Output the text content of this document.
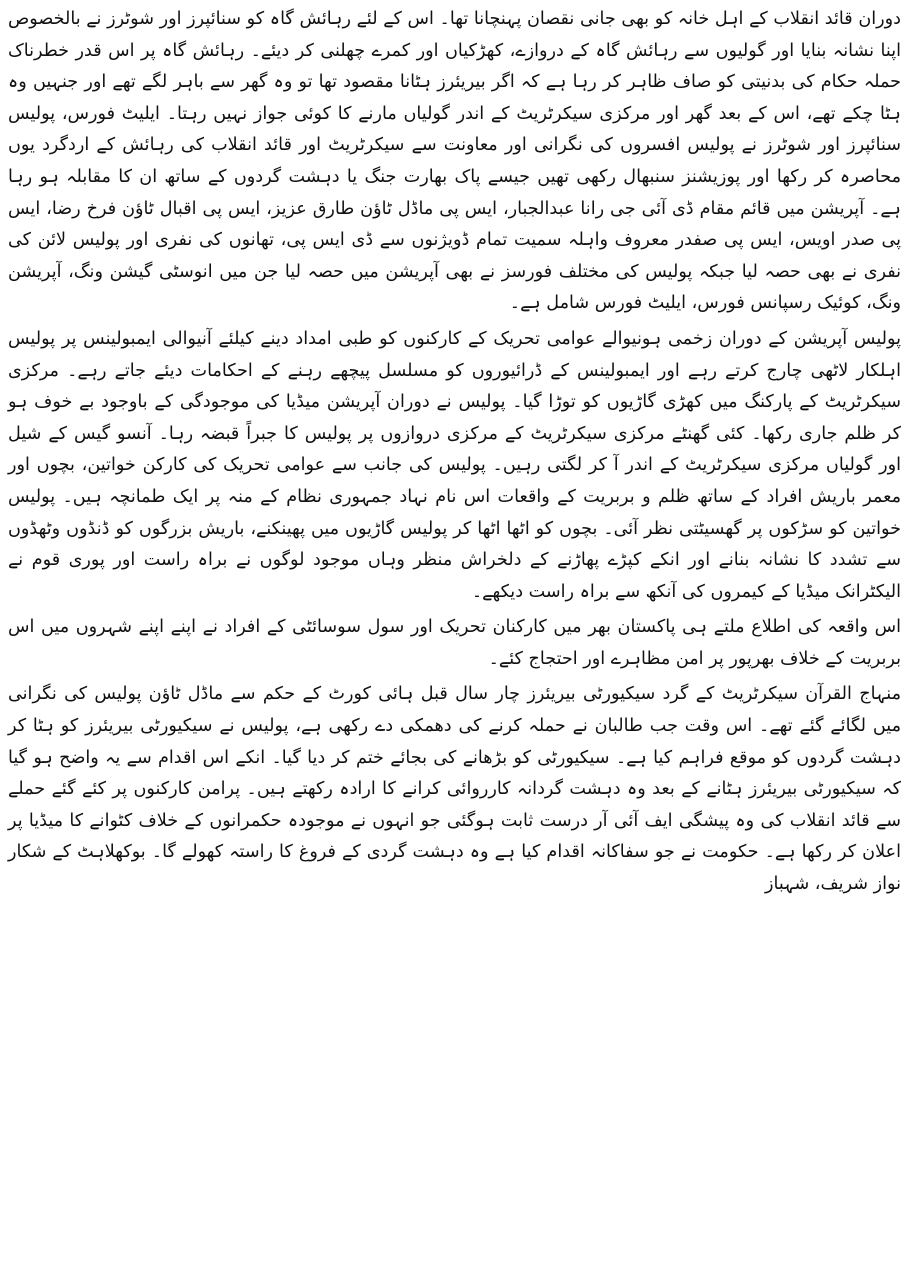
دوران قائد انقلاب کے اہل خانہ کو بھی جانی نقصان پہنچانا تھا۔ اس کے لئے رہائش گاہ کو سنائپرز اور شوٹرز نے بالخصوص اپنا نشانہ بنایا اور گولیوں سے رہائش گاہ کے دروازے، کھڑکیاں اور کمرے چھلنی کر دیئے۔ رہائش گاہ پر اس قدر خطرناک حملہ حکام کی بدنیتی کو صاف ظاہر کر رہا ہے کہ اگر بیریئرز ہٹانا مقصود تھا تو وہ گھر سے باہر لگے تھے اور جنہیں وہ ہٹا چکے تھے، اس کے بعد گھر اور مرکزی سیکرٹریٹ کے اندر گولیاں مارنے کا کوئی جواز نہیں رہتا۔ ایلیٹ فورس، پولیس سنائپرز اور شوٹرز نے پولیس افسروں کی نگرانی اور معاونت سے سیکرٹریٹ اور قائد انقلاب کی رہائش کے اردگرد یوں محاصرہ کر رکھا اور پوزیشنز سنبھال رکھی تھیں جیسے پاک بھارت جنگ یا دہشت گردوں کے ساتھ ان کا مقابلہ ہو رہا ہے۔ آپریشن میں قائم مقام ڈی آئی جی رانا عبدالجبار، ایس پی ماڈل ٹاؤن طارق عزیز، ایس پی اقبال ٹاؤن فرخ رضا، ایس پی صدر اویس، ایس پی صفدر معروف واہلہ سمیت تمام ڈویژنوں سے ڈی ایس پی، تھانوں کی نفری اور پولیس لائن کی نفری نے بھی حصہ لیا جبکہ پولیس کی مختلف فورسز نے بھی آپریشن میں حصہ لیا جن میں انوسٹی گیشن ونگ، آپریشن ونگ، کوئیک رسپانس فورس، ایلیٹ فورس شامل ہے۔

پولیس آپریشن کے دوران زخمی ہونیوالے عوامی تحریک کے کارکنوں کو طبی امداد دینے کیلئے آنیوالی ایمبولینس پر پولیس اہلکار لاٹھی چارج کرتے رہے اور ایمبولینس کے ڈرائیوروں کو مسلسل پیچھے رہنے کے احکامات دیئے جاتے رہے۔ مرکزی سیکرٹریٹ کے پارکنگ میں کھڑی گاڑیوں کو توڑا گیا۔ پولیس نے دوران آپریشن میڈیا کی موجودگی کے باوجود بے خوف ہو کر ظلم جاری رکھا۔ کئی گھنٹے مرکزی سیکرٹریٹ کے مرکزی دروازوں پر پولیس کا جبراً قبضہ رہا۔ آنسو گیس کے شیل اور گولیاں مرکزی سیکرٹریٹ کے اندر آ کر لگتی رہیں۔ پولیس کی جانب سے عوامی تحریک کی کارکن خواتین، بچوں اور معمر باریش افراد کے ساتھ ظلم و بربریت کے واقعات اس نام نہاد جمہوری نظام کے منہ پر ایک طمانچہ ہیں۔ پولیس خواتین کو سڑکوں پر گھسیٹتی نظر آئی۔ بچوں کو اٹھا اٹھا کر پولیس گاڑیوں میں پھینکنے، باریش بزرگوں کو ڈنڈوں وٹھڈوں سے تشدد کا نشانہ بنانے اور انکے کپڑے پھاڑنے کے دلخراش منظر وہاں موجود لوگوں نے براہ راست اور پوری قوم نے الیکٹرانک میڈیا کے کیمروں کی آنکھ سے براہ راست دیکھے۔

اس واقعہ کی اطلاع ملتے ہی پاکستان بھر میں کارکنان تحریک اور سول سوسائٹی کے افراد نے اپنے اپنے شہروں میں اس بربریت کے خلاف بھرپور پر امن مظاہرے اور احتجاج کئے۔

منہاج القرآن سیکرٹریٹ کے گرد سیکیورٹی بیریئرز چار سال قبل ہائی کورٹ کے حکم سے ماڈل ٹاؤن پولیس کی نگرانی میں لگائے گئے تھے۔ اس وقت جب طالبان نے حملہ کرنے کی دھمکی دے رکھی ہے، پولیس نے سیکیورٹی بیریئرز کو ہٹا کر دہشت گردوں کو موقع فراہم کیا ہے۔ سیکیورٹی کو بڑھانے کی بجائے ختم کر دیا گیا۔ انکے اس اقدام سے یہ واضح ہو گیا کہ سیکیورٹی بیریئرز ہٹانے کے بعد وہ دہشت گردانہ کارروائی کرانے کا ارادہ رکھتے ہیں۔ پرامن کارکنوں پر کئے گئے حملے سے قائد انقلاب کی وہ پیشگی ایف آئی آر درست ثابت ہوگئی جو انہوں نے موجودہ حکمرانوں کے خلاف کٹوانے کا میڈیا پر اعلان کر رکھا ہے۔ حکومت نے جو سفاکانہ اقدام کیا ہے وہ دہشت گردی کے فروغ کا راستہ کھولے گا۔ بوکھلاہٹ کے شکار نواز شریف، شہباز
